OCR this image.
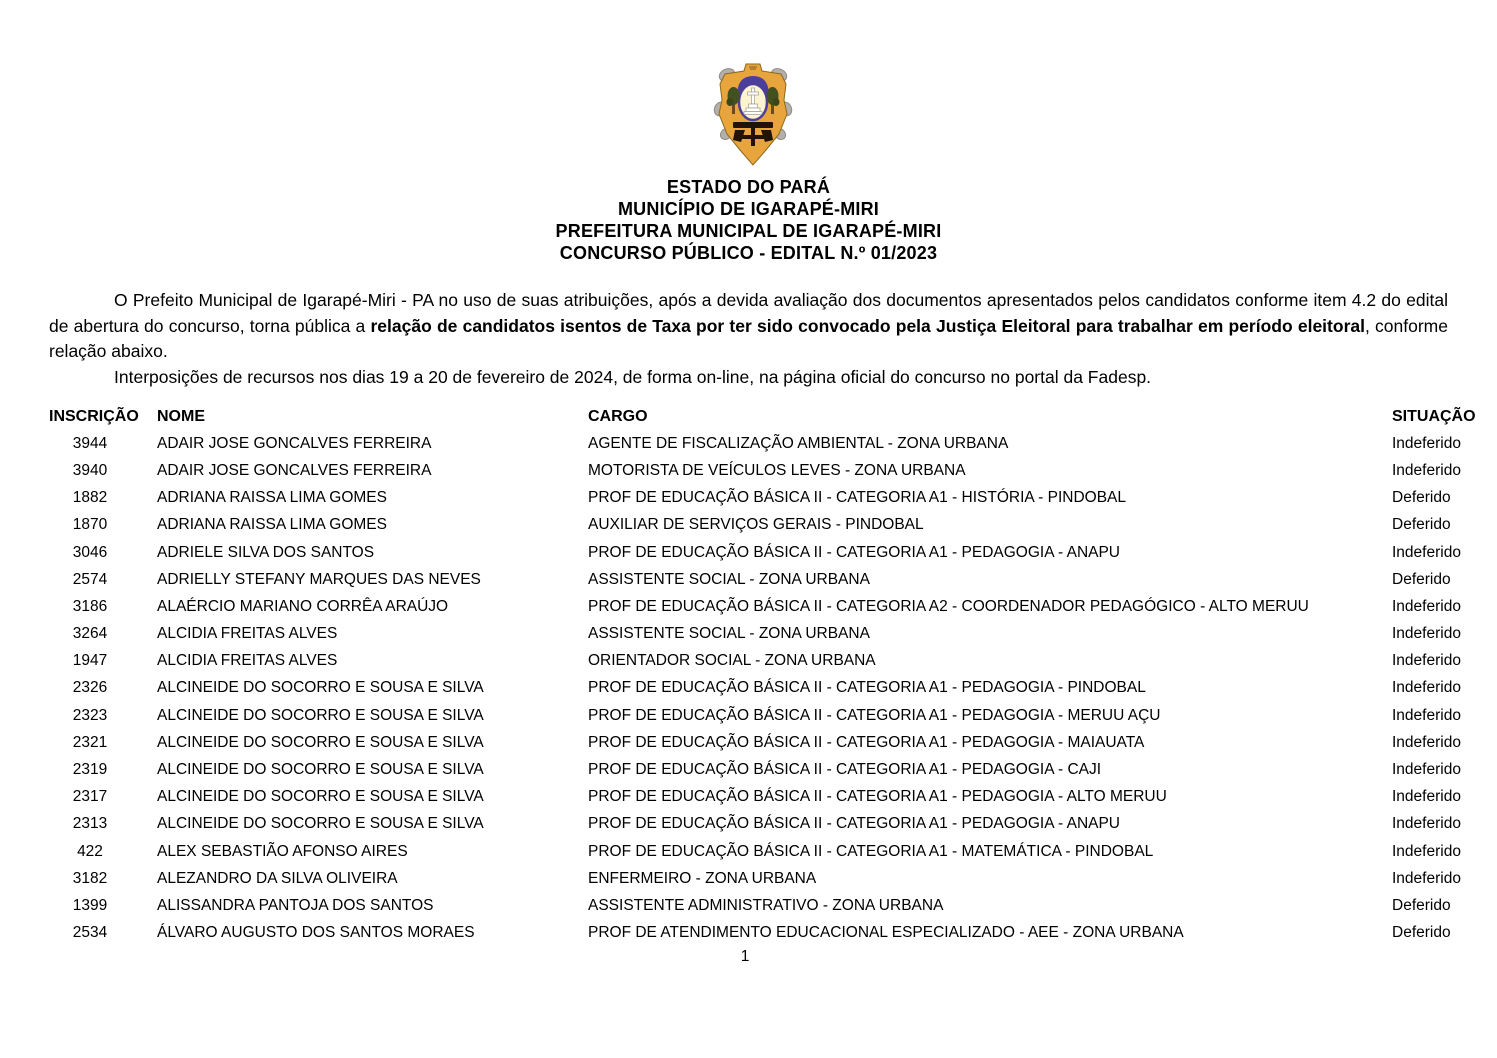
ESTADO DO PARÁ
MUNICÍPIO DE IGARAPÉ-MIRI
PREFEITURA MUNICIPAL DE IGARAPÉ-MIRI
CONCURSO PÚBLICO - EDITAL N.º 01/2023

O Prefeito Municipal de Igarapé-Miri - PA no uso de suas atribuições, após a devida avaliação dos documentos apresentados pelos candidatos conforme item 4.2 do edital de abertura do concurso, torna pública a relação de candidatos isentos de Taxa por ter sido convocado pela Justiça Eleitoral para trabalhar em período eleitoral, conforme relação abaixo.

Interposições de recursos nos dias 19 a 20 de fevereiro de 2024, de forma on-line, na página oficial do concurso no portal da Fadesp.

INSCRIÇÃO	NOME	CARGO	SITUAÇÃO
3944	ADAIR JOSE GONCALVES FERREIRA	AGENTE DE FISCALIZAÇÃO AMBIENTAL - ZONA URBANA	Indeferido
3940	ADAIR JOSE GONCALVES FERREIRA	MOTORISTA DE VEÍCULOS LEVES - ZONA URBANA	Indeferido
1882	ADRIANA RAISSA LIMA GOMES	PROF DE EDUCAÇÃO BÁSICA II - CATEGORIA A1 - HISTÓRIA - PINDOBAL	Deferido
1870	ADRIANA RAISSA LIMA GOMES	AUXILIAR DE SERVIÇOS GERAIS - PINDOBAL	Deferido
3046	ADRIELE SILVA DOS SANTOS	PROF DE EDUCAÇÃO BÁSICA II - CATEGORIA A1 - PEDAGOGIA - ANAPU	Indeferido
2574	ADRIELLY STEFANY MARQUES DAS NEVES	ASSISTENTE SOCIAL - ZONA URBANA	Deferido
3186	ALAÉRCIO MARIANO CORRÊA ARAÚJO	PROF DE EDUCAÇÃO BÁSICA II - CATEGORIA A2 - COORDENADOR PEDAGÓGICO - ALTO MERUU	Indeferido
3264	ALCIDIA FREITAS ALVES	ASSISTENTE SOCIAL - ZONA URBANA	Indeferido
1947	ALCIDIA FREITAS ALVES	ORIENTADOR SOCIAL - ZONA URBANA	Indeferido
2326	ALCINEIDE DO SOCORRO E SOUSA E SILVA	PROF DE EDUCAÇÃO BÁSICA II - CATEGORIA A1 - PEDAGOGIA - PINDOBAL	Indeferido
2323	ALCINEIDE DO SOCORRO E SOUSA E SILVA	PROF DE EDUCAÇÃO BÁSICA II - CATEGORIA A1 - PEDAGOGIA - MERUU AÇU	Indeferido
2321	ALCINEIDE DO SOCORRO E SOUSA E SILVA	PROF DE EDUCAÇÃO BÁSICA II - CATEGORIA A1 - PEDAGOGIA - MAIAUATA	Indeferido
2319	ALCINEIDE DO SOCORRO E SOUSA E SILVA	PROF DE EDUCAÇÃO BÁSICA II - CATEGORIA A1 - PEDAGOGIA - CAJI	Indeferido
2317	ALCINEIDE DO SOCORRO E SOUSA E SILVA	PROF DE EDUCAÇÃO BÁSICA II - CATEGORIA A1 - PEDAGOGIA - ALTO MERUU	Indeferido
2313	ALCINEIDE DO SOCORRO E SOUSA E SILVA	PROF DE EDUCAÇÃO BÁSICA II - CATEGORIA A1 - PEDAGOGIA - ANAPU	Indeferido
422	ALEX SEBASTIÃO AFONSO AIRES	PROF DE EDUCAÇÃO BÁSICA II - CATEGORIA A1 - MATEMÁTICA - PINDOBAL	Indeferido
3182	ALEZANDRO DA SILVA OLIVEIRA	ENFERMEIRO - ZONA URBANA	Indeferido
1399	ALISSANDRA PANTOJA DOS SANTOS	ASSISTENTE ADMINISTRATIVO - ZONA URBANA	Deferido
2534	ÁLVARO AUGUSTO DOS SANTOS MORAES	PROF DE ATENDIMENTO EDUCACIONAL ESPECIALIZADO - AEE - ZONA URBANA	Deferido
1
